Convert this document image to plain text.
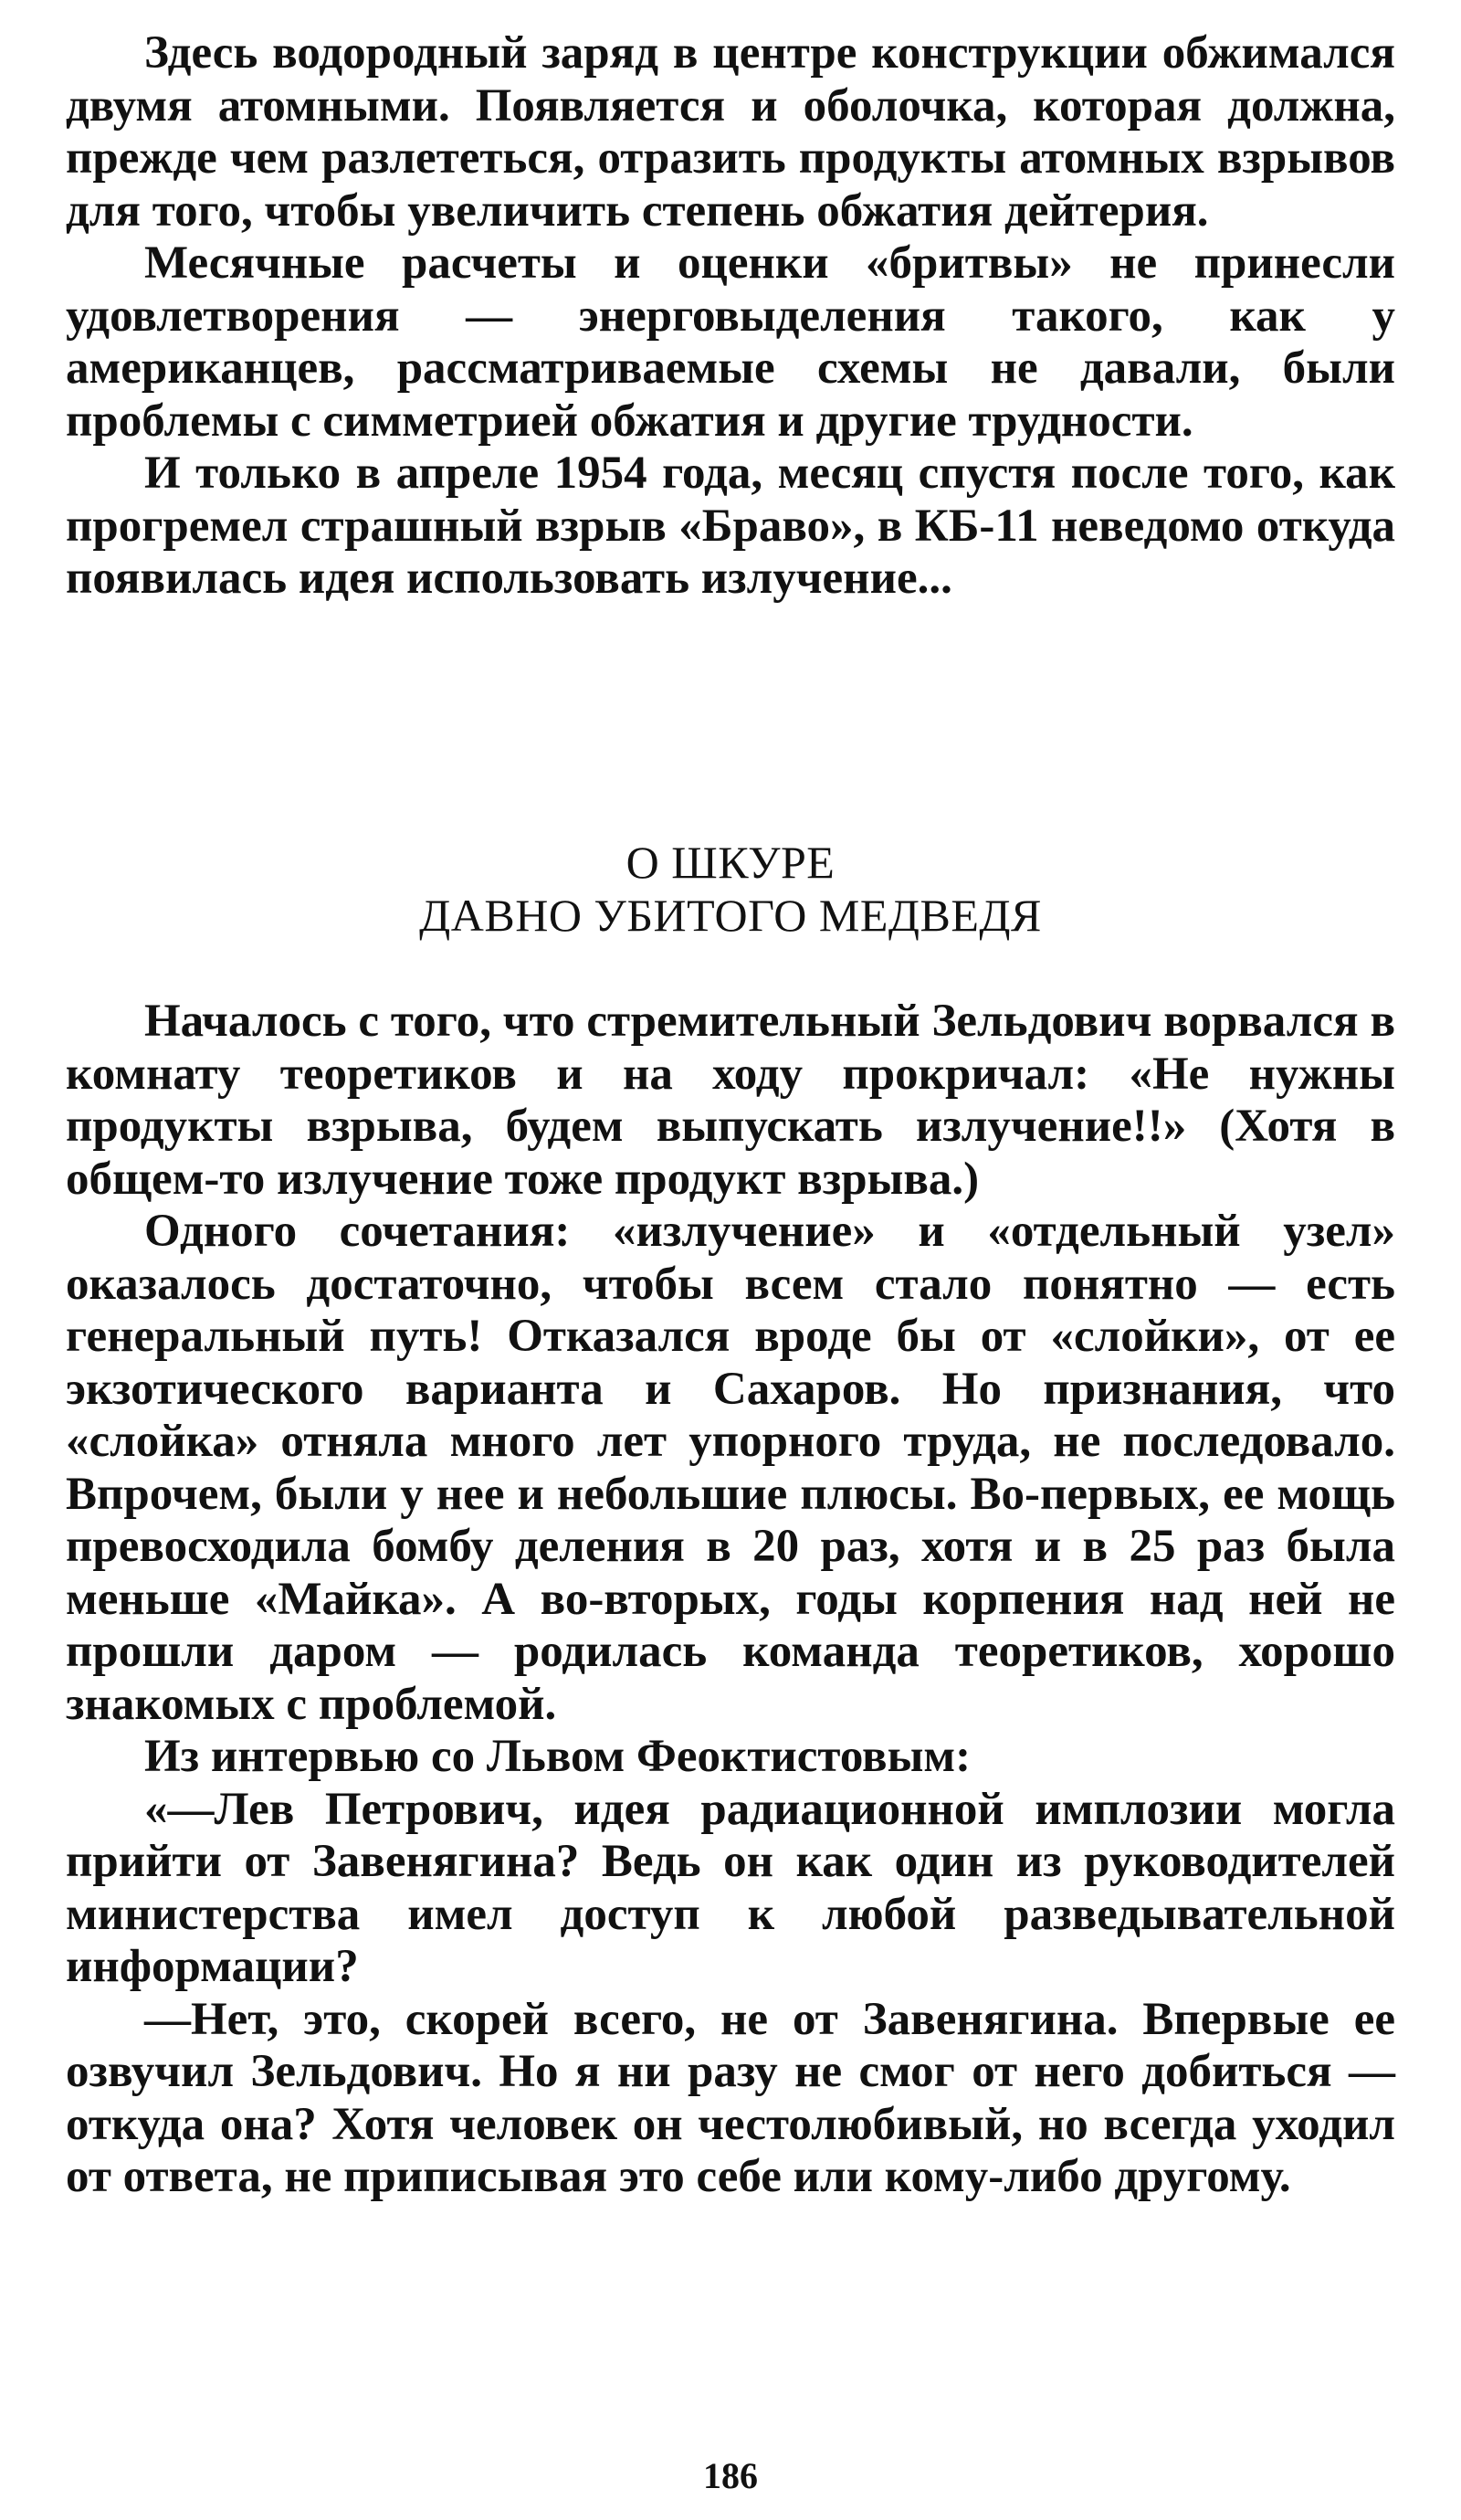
Здесь водородный заряд в центре конструкции обжимался двумя атомными. Появляется и оболочка, которая должна, прежде чем разлететься, отразить продукты атомных взрывов для того, чтобы увеличить степень обжатия дейтерия.

Месячные расчеты и оценки «бритвы» не принесли удовлетворения — энерговыделения такого, как у американцев, рассматриваемые схемы не давали, были проблемы с симметрией обжатия и другие трудности.

И только в апреле 1954 года, месяц спустя после того, как прогремел страшный взрыв «Браво», в КБ-11 неведомо откуда появилась идея использовать излучение...

О ШКУРЕ
ДАВНО УБИТОГО МЕДВЕДЯ

Началось с того, что стремительный Зельдович ворвался в комнату теоретиков и на ходу прокричал: «Не нужны продукты взрыва, будем выпускать излучение!!» (Хотя в общем-то излучение тоже продукт взрыва.)

Одного сочетания: «излучение» и «отдельный узел» оказалось достаточно, чтобы всем стало понятно — есть генеральный путь! Отказался вроде бы от «слойки», от ее экзотического варианта и Сахаров. Но признания, что «слойка» отняла много лет упорного труда, не последовало. Впрочем, были у нее и небольшие плюсы. Во-первых, ее мощь превосходила бомбу деления в 20 раз, хотя и в 25 раз была меньше «Майка». А во-вторых, годы корпения над ней не прошли даром — родилась команда теоретиков, хорошо знакомых с проблемой.

Из интервью со Львом Феоктистовым:

«—Лев Петрович, идея радиационной имплозии могла прийти от Завенягина? Ведь он как один из руководителей министерства имел доступ к любой разведывательной информации?

—Нет, это, скорей всего, не от Завенягина. Впервые ее озвучил Зельдович. Но я ни разу не смог от него добиться — откуда она? Хотя человек он честолюбивый, но всегда уходил от ответа, не приписывая это себе или кому-либо другому.

186
